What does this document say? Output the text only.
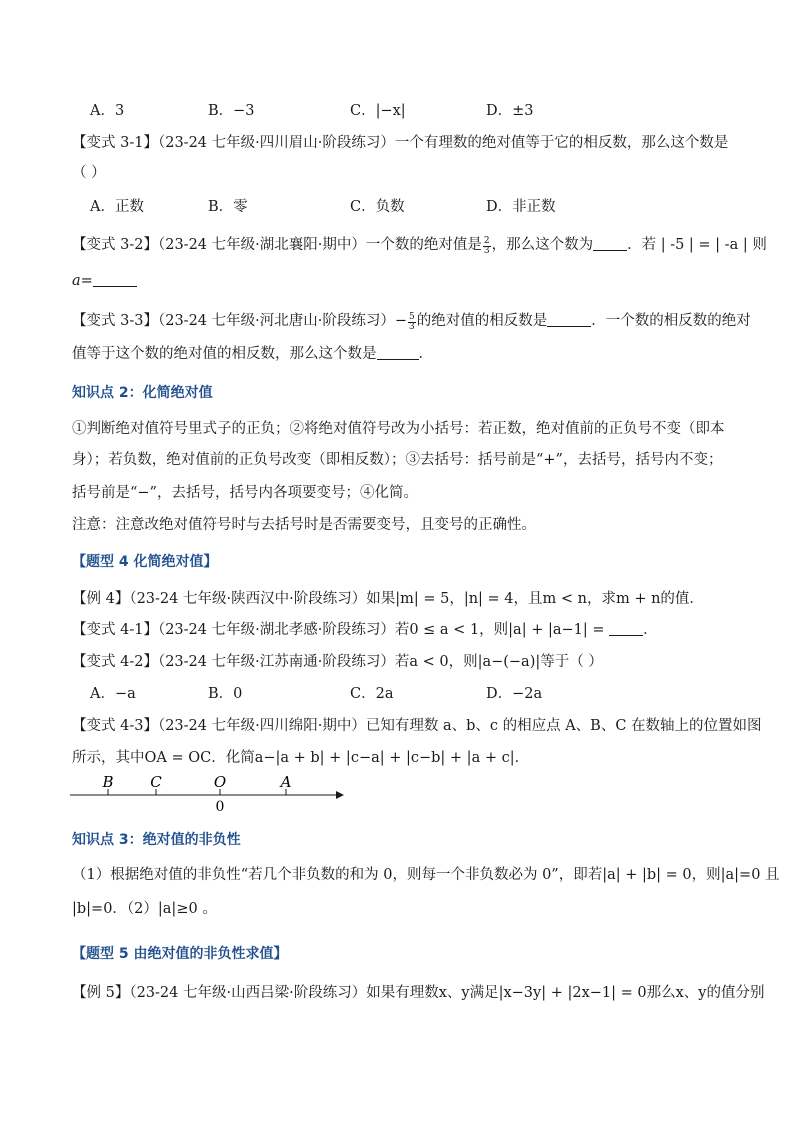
A．3	B．−3	C．|−x|	D．±3
【变式 3-1】（23-24 七年级·四川眉山·阶段练习）一个有理数的绝对值等于它的相反数，那么这个数是
（ ）
A．正数	B．零	C．负数	D．非正数
【变式 3-2】（23-24 七年级·湖北襄阳·期中）一个数的绝对值是 $\frac{2}{3}$ ，那么这个数为 ．若 | -5 | = | -a | 则
a=
【变式 3-3】（23-24 七年级·河北唐山·阶段练习）− $\frac{5}{3}$ 的绝对值的相反数是	．一个数的相反数的绝对
值等于这个数的绝对值的相反数，那么这个数是	．
知识点 2：化简绝对值
①判断绝对值符号里式子的正负；②将绝对值符号改为小括号：若正数，绝对值前的正负号不变（即本
身）；若负数，绝对值前的正负号改变（即相反数）；③去括号：括号前是“+”，去括号，括号内不变；
括号前是“−”，去括号，括号内各项要变号；④化简。
注意：注意改绝对值符号时与去括号时是否需要变号，且变号的正确性。
【题型 4 化简绝对值】
【例 4】（23-24 七年级·陕西汉中·阶段练习）如果|m| = 5，|n| = 4，且m < n，求m + n的值．
【变式 4-1】（23-24 七年级·湖北孝感·阶段练习）若0 ≤ a < 1，则|a| + |a−1| = ．
【变式 4-2】（23-24 七年级·江苏南通·阶段练习）若a < 0，则|a−(−a)|等于（ ）
A．−a	B．0	C．2a	D．−2a
【变式 4-3】（23-24 七年级·四川绵阳·期中）已知有理数 a、b、c 的相应点 A、B、C 在数轴上的位置如图
所示，其中OA = OC．化简a−|a + b| + |c−a| + |c−b| + |a + c|．
B C	O	A
0
知识点 3：绝对值的非负性
（1）根据绝对值的非负性“若几个非负数的和为 0，则每一个非负数必为 0”，即若|a| + |b| = 0，则|a|=0 且
|b|=0．（2）|a|≥0 。
【题型 5 由绝对值的非负性求值】
【例 5】（23-24 七年级·山西吕梁·阶段练习）如果有理数x、y满足|x−3y| + |2x−1| = 0那么x、y的值分别
